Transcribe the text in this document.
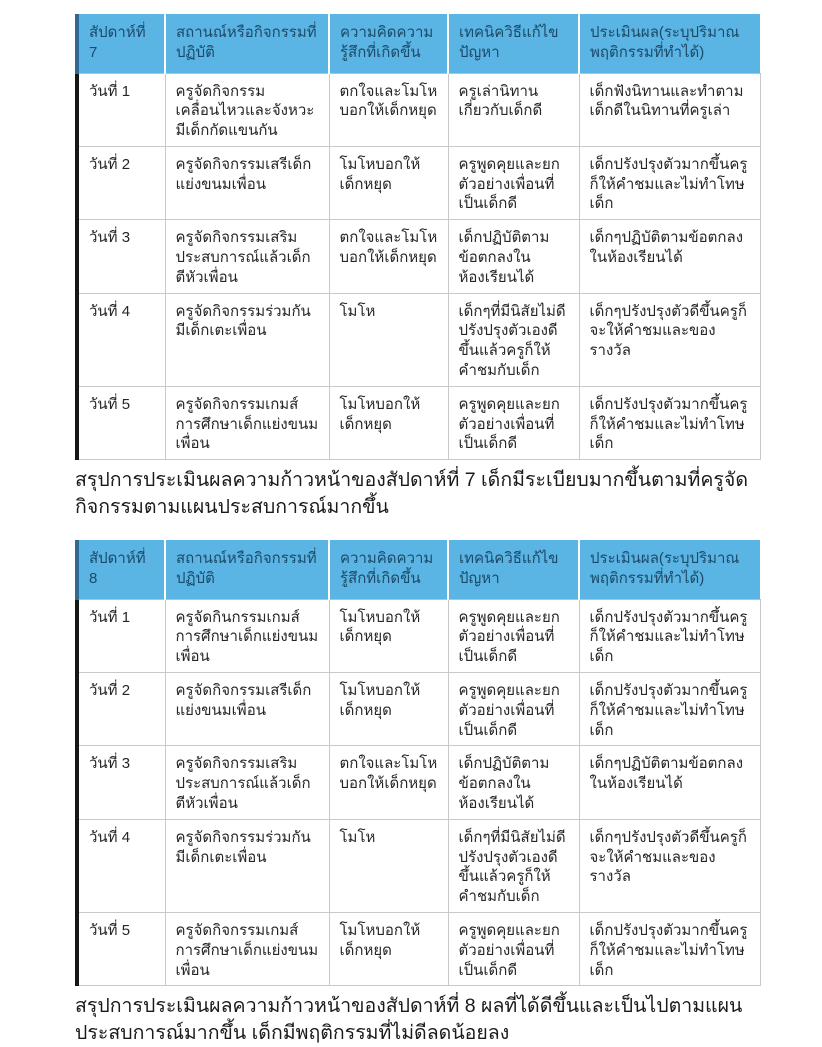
สัปดาห์ที่ 7	สถานณ์หรือกิจกรรมที่ปฏิบัติ	ความคิดความรู้สึกที่เกิดขึ้น	เทคนิควิธีแก้ไขปัญหา	ประเมินผล(ระบุปริมาณพฤติกรรมที่ทำได้)
วันที่ 1	ครูจัดกิจกรรมเคลื่อนไหวและจังหวะมีเด็กกัดแขนกัน	ตกใจและโมโหบอกให้เด็กหยุด	ครูเล่านิทานเกี่ยวกับเด็กดี	เด็กฟังนิทานและทำตามเด็กดีในนิทานที่ครูเล่า
วันที่ 2	ครูจัดกิจกรรมเสรีเด็กแย่งขนมเพื่อน	โมโหบอกให้เด็กหยุด	ครูพูดคุยและยกตัวอย่างเพื่อนที่เป็นเด็กดี	เด็กปรังปรุงตัวมากขึ้นครูก็ให้คำชมและไม่ทำโทษเด็ก
วันที่ 3	ครูจัดกิจกรรมเสริมประสบการณ์แล้วเด็กตีหัวเพื่อน	ตกใจและโมโหบอกให้เด็กหยุด	เด็กปฏิบัติตามข้อตกลงในห้องเรียนได้	เด็กๆปฏิบัติตามข้อตกลงในห้องเรียนได้
วันที่ 4	ครูจัดกิจกรรมร่วมกันมีเด็กเตะเพื่อน	โมโห	เด็กๆที่มีนิสัยไม่ดีปรังปรุงตัวเองดีขึ้นแล้วครูก็ให้คำชมกับเด็ก	เด็กๆปรังปรุงตัวดีขึ้นครูก็จะให้คำชมและของรางวัล
วันที่ 5	ครูจัดกิจกรรมเกมส์การศึกษาเด็กแย่งขนมเพื่อน	โมโหบอกให้เด็กหยุด	ครูพูดคุยและยกตัวอย่างเพื่อนที่เป็นเด็กดี	เด็กปรังปรุงตัวมากขึ้นครูก็ให้คำชมและไม่ทำโทษเด็ก

สรุปการประเมินผลความก้าวหน้าของสัปดาห์ที่ 7 เด็กมีระเบียบมากขึ้นตามที่ครูจัดกิจกรรมตามแผนประสบการณ์มากขึ้น

สัปดาห์ที่ 8	สถานณ์หรือกิจกรรมที่ปฏิบัติ	ความคิดความรู้สึกที่เกิดขึ้น	เทคนิควิธีแก้ไขปัญหา	ประเมินผล(ระบุปริมาณพฤติกรรมที่ทำได้)
วันที่ 1	ครูจัดกินกรรมเกมส์การศึกษาเด็กแย่งขนมเพื่อน	โมโหบอกให้เด็กหยุด	ครูพูดคุยและยกตัวอย่างเพื่อนที่เป็นเด็กดี	เด็กปรังปรุงตัวมากขึ้นครูก็ให้คำชมและไม่ทำโทษเด็ก
วันที่ 2	ครูจัดกิจกรรมเสรีเด็กแย่งขนมเพื่อน	โมโหบอกให้เด็กหยุด	ครูพูดคุยและยกตัวอย่างเพื่อนที่เป็นเด็กดี	เด็กปรังปรุงตัวมากขึ้นครูก็ให้คำชมและไม่ทำโทษเด็ก
วันที่ 3	ครูจัดกิจกรรมเสริมประสบการณ์แล้วเด็กตีหัวเพื่อน	ตกใจและโมโหบอกให้เด็กหยุด	เด็กปฏิบัติตามข้อตกลงในห้องเรียนได้	เด็กๆปฏิบัติตามข้อตกลงในห้องเรียนได้
วันที่ 4	ครูจัดกิจกรรมร่วมกันมีเด็กเตะเพื่อน	โมโห	เด็กๆที่มีนิสัยไม่ดีปรังปรุงตัวเองดีขึ้นแล้วครูก็ให้คำชมกับเด็ก	เด็กๆปรังปรุงตัวดีขึ้นครูก็จะให้คำชมและของรางวัล
วันที่ 5	ครูจัดกิจกรรมเกมส์การศึกษาเด็กแย่งขนมเพื่อน	โมโหบอกให้เด็กหยุด	ครูพูดคุยและยกตัวอย่างเพื่อนที่เป็นเด็กดี	เด็กปรังปรุงตัวมากขึ้นครูก็ให้คำชมและไม่ทำโทษเด็ก

สรุปการประเมินผลความก้าวหน้าของสัปดาห์ที่ 8 ผลที่ได้ดีขึ้นและเป็นไปตามแผนประสบการณ์มากขึ้น เด็กมีพฤติกรรมที่ไม่ดีลดน้อยลง
